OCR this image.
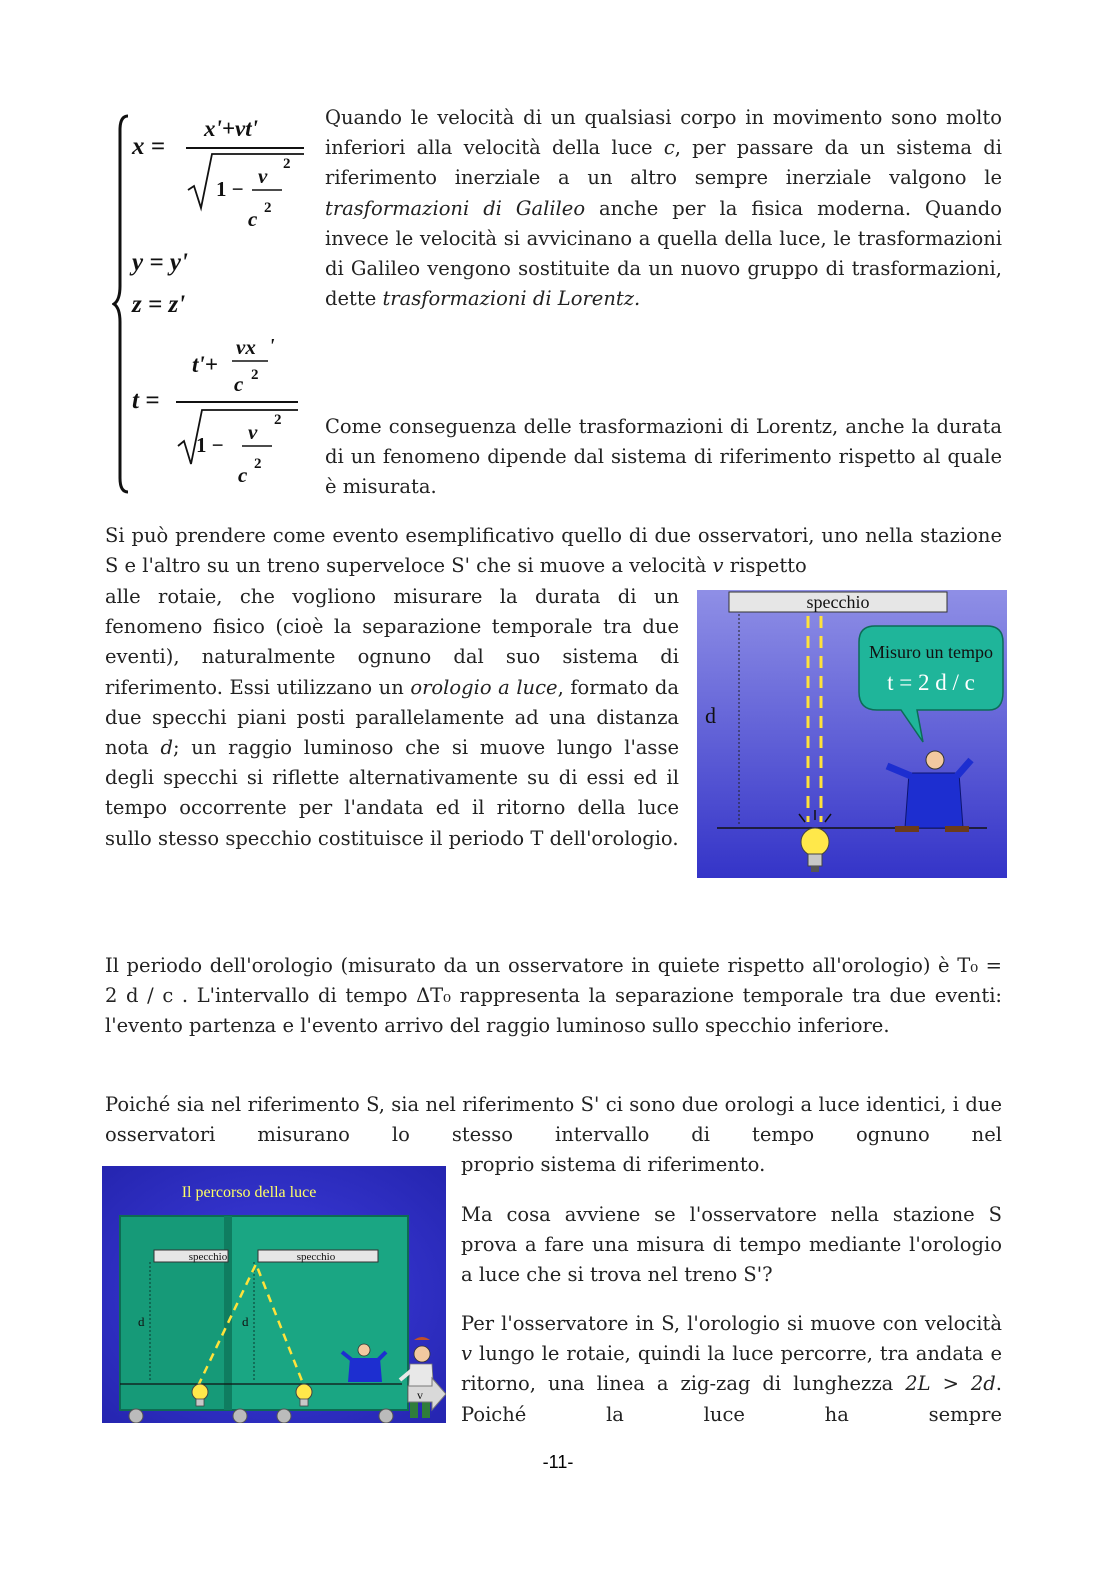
x =
x'+vt'
1 −
v 2
c 2
y = y'
z = z'
t =
t'+
vx '
c 2
1 −
v 2
c 2

Quando le velocità di un qualsiasi corpo in movimento sono molto inferiori alla velocità della luce c, per passare da un sistema di riferimento inerziale a un altro sempre inerziale valgono le trasformazioni di Galileo anche per la fisica moderna. Quando invece le velocità si avvicinano a quella della luce, le trasformazioni di Galileo vengono sostituite da un nuovo gruppo di trasformazioni, dette trasformazioni di Lorentz.

Come conseguenza delle trasformazioni di Lorentz, anche la durata di un fenomeno dipende dal sistema di riferimento rispetto al quale è misurata.

Si può prendere come evento esemplificativo quello di due osservatori, uno nella stazione S e l'altro su un treno superveloce S' che si muove a velocità v rispetto

alle rotaie, che vogliono misurare la durata di un fenomeno fisico (cioè la separazione temporale tra due eventi), naturalmente ognuno dal suo sistema di riferimento. Essi utilizzano un orologio a luce, formato da due specchi piani posti parallelamente ad una distanza nota d; un raggio luminoso che si muove lungo l'asse degli specchi si riflette alternativamente su di essi ed il tempo occorrente per l'andata ed il ritorno della luce sullo stesso specchio costituisce il periodo T dell'orologio.

specchio
d
Misuro un tempo
t = 2 d / c

Il periodo dell'orologio (misurato da un osservatore in quiete rispetto all'orologio) è T₀ = 2 d / c . L'intervallo di tempo ΔT₀ rappresenta la separazione temporale tra due eventi: l'evento partenza e l'evento arrivo del raggio luminoso sullo specchio inferiore.

Poiché sia nel riferimento S, sia nel riferimento S' ci sono due orologi a luce identici, i due osservatori misurano lo stesso intervallo di tempo ognuno nel

proprio sistema di riferimento.

Il percorso della luce
specchio	specchio
d	d
v

Ma cosa avviene se l'osservatore nella stazione S prova a fare una misura di tempo mediante l'orologio a luce che si trova nel treno S'?

Per l'osservatore in S, l'orologio si muove con velocità v lungo le rotaie, quindi la luce percorre, tra andata e ritorno, una linea a zig-zag di lunghezza 2L > 2d. Poiché la luce ha sempre

-11-
